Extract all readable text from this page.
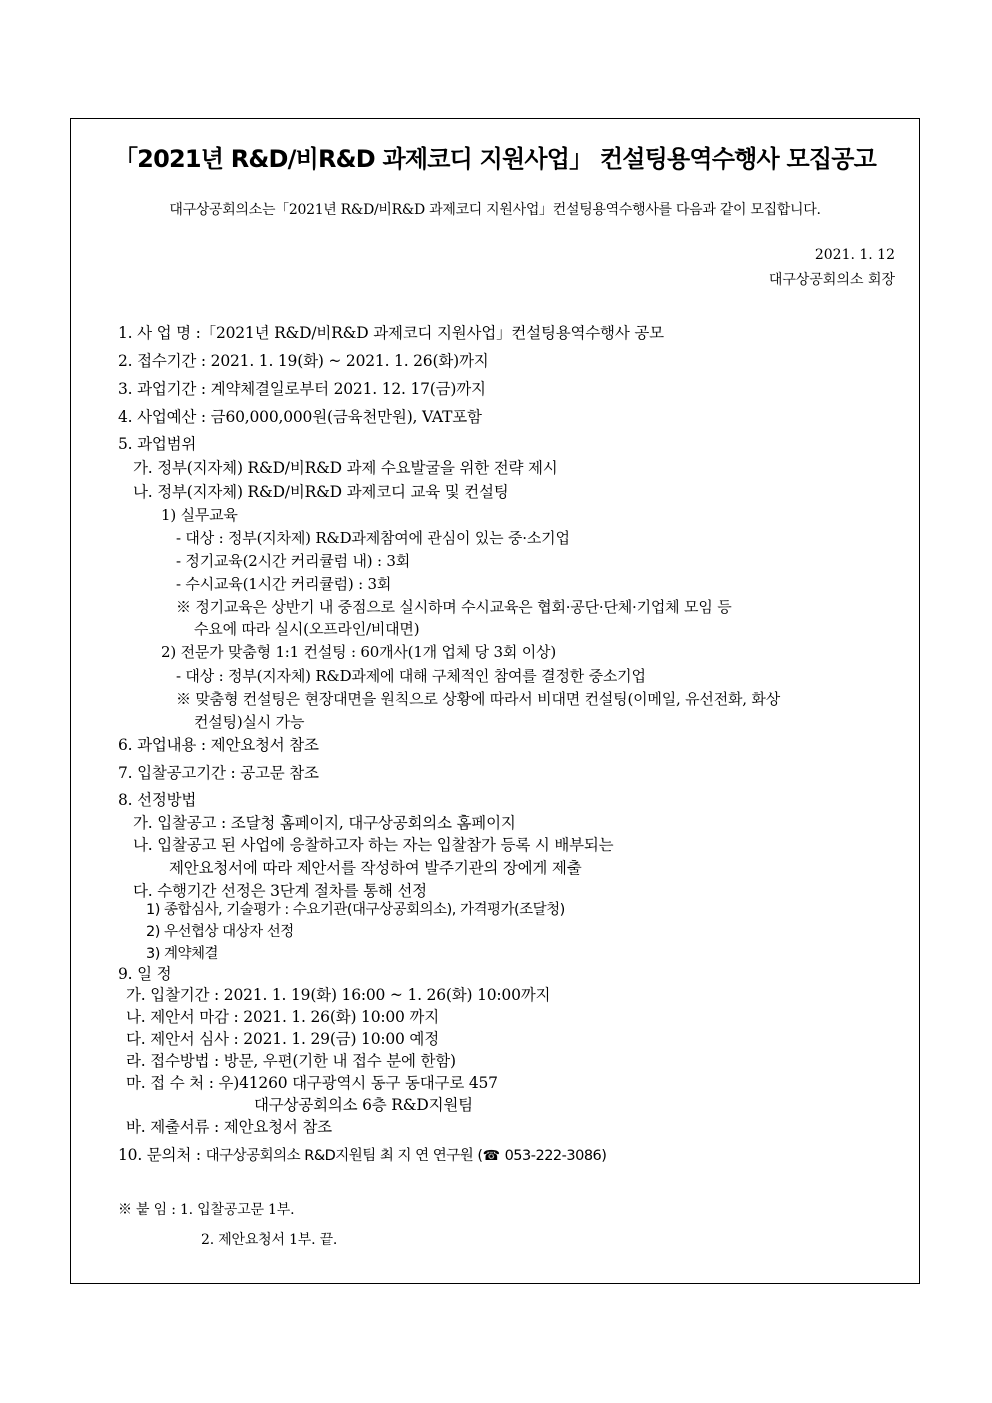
「2021년 R&D/비R&D 과제코디 지원사업」 컨설팅용역수행사 모집공고
대구상공회의소는「2021년 R&D/비R&D 과제코디 지원사업」컨설팅용역수행사를 다음과 같이 모집합니다.
2021. 1. 12
대구상공회의소 회장
1. 사 업 명 :「2021년 R&D/비R&D 과제코디 지원사업」컨설팅용역수행사 공모
2. 접수기간 : 2021. 1. 19(화) ~ 2021. 1. 26(화)까지
3. 과업기간 : 계약체결일로부터 2021. 12. 17(금)까지
4. 사업예산 : 금60,000,000원(금육천만원), VAT포함
5. 과업범위
가. 정부(지자체) R&D/비R&D 과제 수요발굴을 위한 전략 제시
나. 정부(지자체) R&D/비R&D 과제코디 교육 및 컨설팅
1) 실무교육
- 대상 : 정부(지차제) R&D과제참여에 관심이 있는 중·소기업
- 정기교육(2시간 커리큘럼 내) : 3회
- 수시교육(1시간 커리큘럼) : 3회
※ 정기교육은 상반기 내 중점으로 실시하며 수시교육은 협회·공단·단체·기업체 모임 등
수요에 따라 실시(오프라인/비대면)
2) 전문가 맞춤형 1:1 컨설팅 : 60개사(1개 업체 당 3회 이상)
- 대상 : 정부(지자체) R&D과제에 대해 구체적인 참여를 결정한 중소기업
※ 맞춤형 컨설팅은 현장대면을 원칙으로 상황에 따라서 비대면 컨설팅(이메일, 유선전화, 화상
컨설팅)실시 가능
6. 과업내용 : 제안요청서 참조
7. 입찰공고기간 : 공고문 참조
8. 선정방법
가. 입찰공고 : 조달청 홈페이지, 대구상공회의소 홈페이지
나. 입찰공고 된 사업에 응찰하고자 하는 자는 입찰참가 등록 시 배부되는
제안요청서에 따라 제안서를 작성하여 발주기관의 장에게 제출
다. 수행기간 선정은 3단계 절차를 통해 선정
1) 종합심사, 기술평가 : 수요기관(대구상공회의소), 가격평가(조달청)
2) 우선협상 대상자 선정
3) 계약체결
9. 일 정
가. 입찰기간 : 2021. 1. 19(화) 16:00 ~ 1. 26(화) 10:00까지
나. 제안서 마감 : 2021. 1. 26(화) 10:00 까지
다. 제안서 심사 : 2021. 1. 29(금) 10:00 예정
라. 접수방법 : 방문, 우편(기한 내 접수 분에 한함)
마. 접 수 처 : 우)41260 대구광역시 동구 동대구로 457
대구상공회의소 6층 R&D지원팀
바. 제출서류 : 제안요청서 참조
10. 문의처 : 대구상공회의소 R&D지원팀 최 지 연 연구원 (☎ 053-222-3086)
※ 붙 임 : 1. 입찰공고문 1부.
2. 제안요청서 1부. 끝.
